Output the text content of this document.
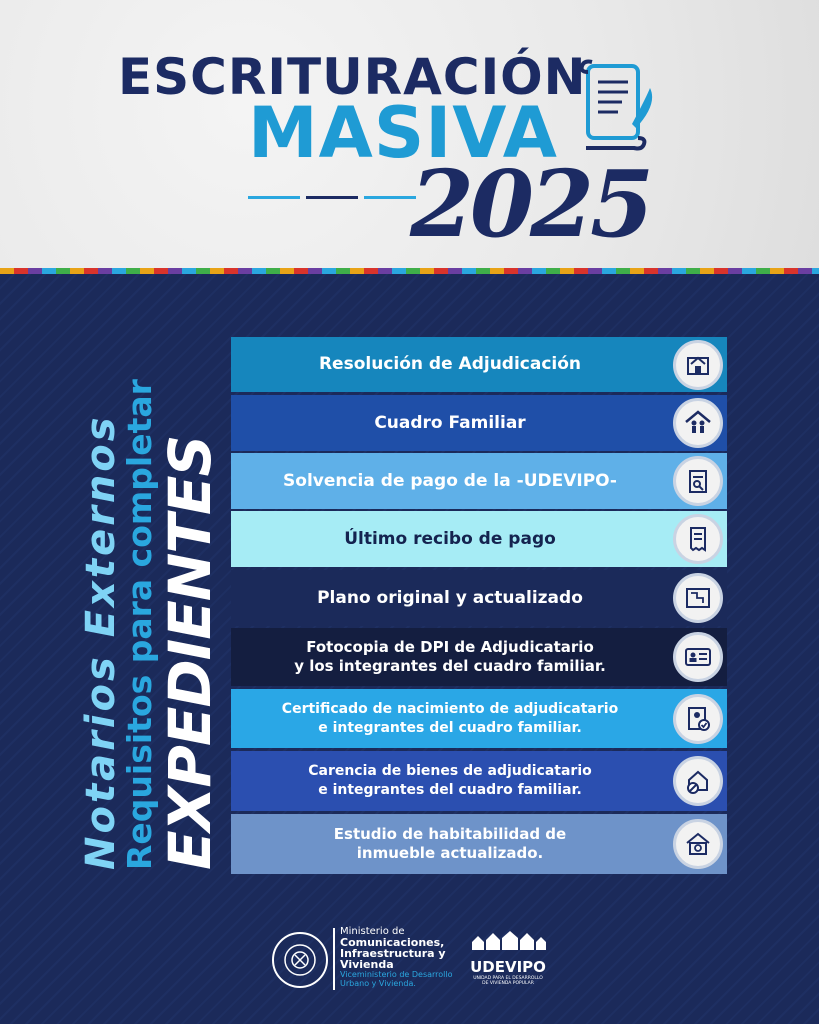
ESCRITURACIÓN
MASIVA
2025
Notarios Externos
Requisitos para completar
EXPEDIENTES
Resolución de Adjudicación
Cuadro Familiar
Solvencia de pago de la -UDEVIPO-
Último recibo de pago
Plano original y actualizado
Fotocopia de DPI de Adjudicatario
y los integrantes del cuadro familiar.
Certificado de nacimiento de adjudicatario
e integrantes del cuadro familiar.
Carencia de bienes de adjudicatario
e integrantes del cuadro familiar.
Estudio de habitabilidad de
inmueble actualizado.
Ministerio de
Comunicaciones,
Infraestructura y
Vivienda
Viceministerio de Desarrollo
Urbano y Vivienda.
UDEVIPO
UNIDAD PARA EL DESARROLLO
DE VIVIENDA POPULAR
